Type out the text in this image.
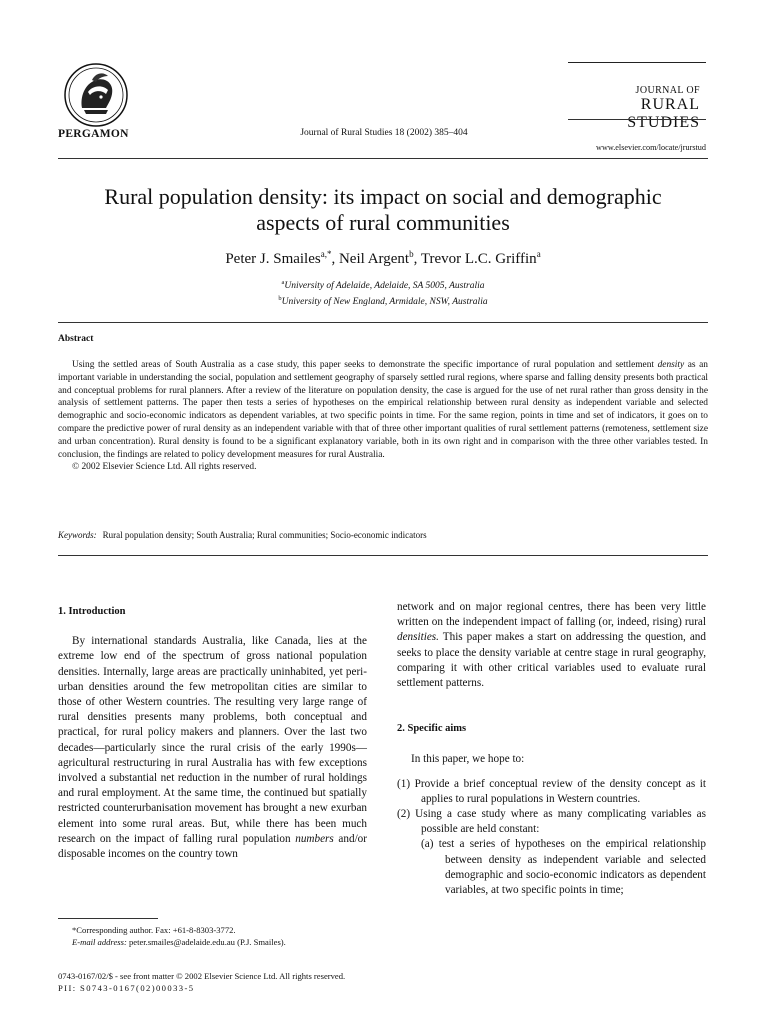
PERGAMON	Journal of Rural Studies 18 (2002) 385–404
JOURNAL OF
RURAL STUDIES
www.elsevier.com/locate/jrurstud
Rural population density: its impact on social and demographic
aspects of rural communities
Peter J. Smailes$^{a,*}$, Neil Argent$^b$, Trevor L.C. Griffin$^a$
$^a$University of Adelaide, Adelaide, SA 5005, Australia
$^b$University of New England, Armidale, NSW, Australia
Abstract

Using the settled areas of South Australia as a case study, this paper seeks to demonstrate the specific importance of rural population and settlement density as an important variable in understanding the social, population and settlement geography of sparsely settled rural regions, where sparse and falling density presents both practical and conceptual problems for rural planners. After a review of the literature on population density, the case is argued for the use of net rural rather than gross density in the analysis of settlement patterns. The paper then tests a series of hypotheses on the empirical relationship between rural density as independent variable and selected demographic and socio-economic indicators as dependent variables, at two specific points in time. For the same region, points in time and set of indicators, it goes on to compare the predictive power of rural density as an independent variable with that of three other important qualities of rural settlement patterns (remoteness, settlement size and urban concentration). Rural density is found to be a significant explanatory variable, both in its own right and in comparison with the three other variables tested. In conclusion, the findings are related to policy development measures for rural Australia.

© 2002 Elsevier Science Ltd. All rights reserved.

Keywords: Rural population density; South Australia; Rural communities; Socio-economic indicators

1. Introduction

By international standards Australia, like Canada, lies at the extreme low end of the spectrum of gross national population densities. Internally, large areas are practically uninhabited, yet peri-urban densities around the few metropolitan cities are similar to those of other Western countries. The resulting very large range of rural densities presents many problems, both conceptual and practical, for rural policy makers and planners. Over the last two decades—particularly since the rural crisis of the early 1990s—agricultural restructuring in rural Australia has with few exceptions involved a substantial net reduction in the number of rural holdings and rural employment. At the same time, the continued but spatially restricted counterurbanisation movement has brought a new exurban element into some rural areas. But, while there has been much research on the impact of falling rural population numbers and/or disposable incomes on the country town

*Corresponding author. Fax: +61-8-8303-3772.

E-mail address: peter.smailes@adelaide.edu.au (P.J. Smailes).

network and on major regional centres, there has been very little written on the independent impact of falling (or, indeed, rising) rural densities. This paper makes a start on addressing the question, and seeks to place the density variable at centre stage in rural geography, comparing it with other critical variables used to evaluate rural settlement patterns.

2. Specific aims

In this paper, we hope to:

(1) Provide a brief conceptual review of the density concept as it applies to rural populations in Western countries.

(2) Using a case study where as many complicating variables as possible are held constant:

(a) test a series of hypotheses on the empirical relationship between density as independent variable and selected demographic and socio-economic indicators as dependent variables, at two specific points in time;

0743-0167/02/$ - see front matter © 2002 Elsevier Science Ltd. All rights reserved.

PII: S0743-0167(02)00033-5
